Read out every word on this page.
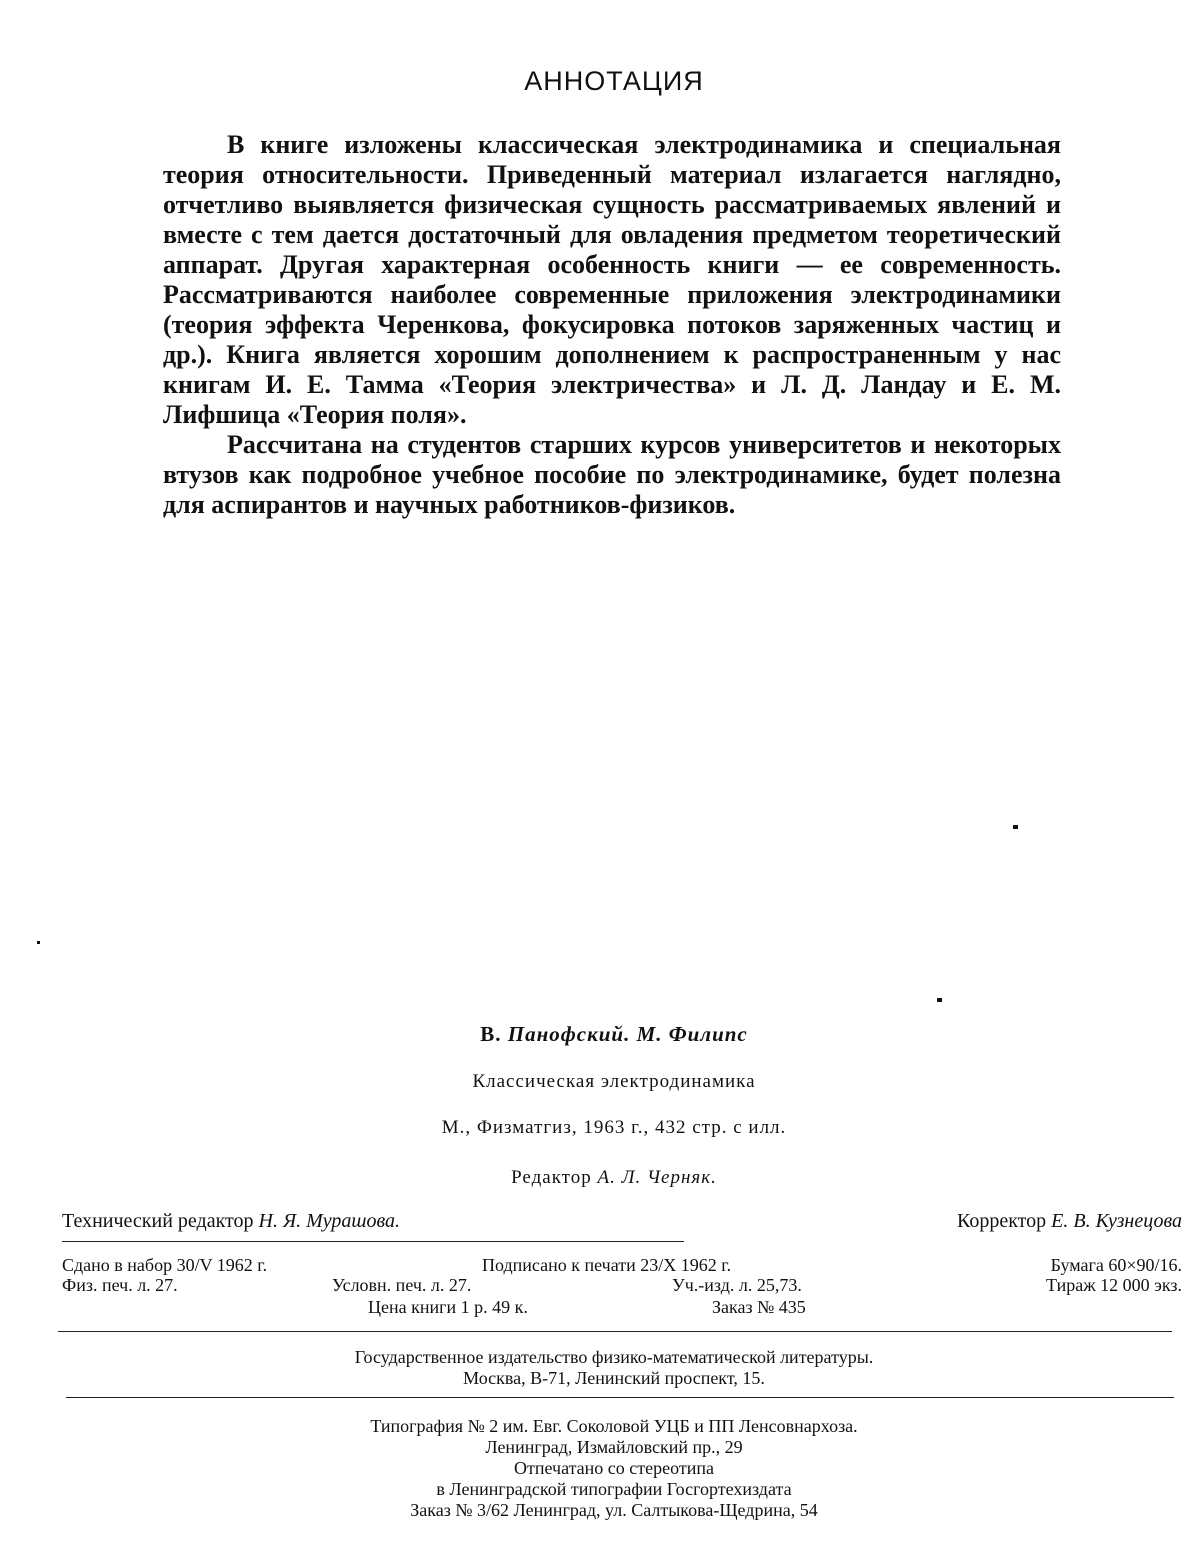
АННОТАЦИЯ

В книге изложены классическая электродинамика и специальная теория относительности. Приведенный материал излагается наглядно, отчетливо выявляется физическая сущность рассматриваемых явлений и вместе с тем дается достаточный для овладения предметом теоретический аппарат. Другая характерная особенность книги — ее современность. Рассматриваются наиболее современные приложения электродинамики (теория эффекта Черенкова, фокусировка потоков заряженных частиц и др.). Книга является хорошим дополнением к распространенным у нас книгам И. Е. Тамма «Теория электричества» и Л. Д. Ландау и Е. М. Лифшица «Теория поля».

Рассчитана на студентов старших курсов университетов и некоторых втузов как подробное учебное пособие по электродинамике, будет полезна для аспирантов и научных работников-физиков.

В. Панофский. М. Филипс
Классическая электродинамика
М., Физматгиз, 1963 г., 432 стр. с илл.
Редактор А. Л. Черняк.
Технический редактор Н. Я. Мурашова.	Корректор Е. В. Кузнецова
Сдано в набор 30/V 1962 г.	Подписано к печати 23/X 1962 г.	Бумага 60×90/16.
Физ. печ. л. 27.	Условн. печ. л. 27.	Уч.-изд. л. 25,73.	Тираж 12 000 экз.
Цена книги 1 р. 49 к.	Заказ № 435
Государственное издательство физико-математической литературы.
Москва, В-71, Ленинский проспект, 15.
Типография № 2 им. Евг. Соколовой УЦБ и ПП Ленсовнархоза.
Ленинград, Измайловский пр., 29
Отпечатано со стереотипа
в Ленинградской типографии Госгортехиздата
Заказ № 3/62 Ленинград, ул. Салтыкова-Щедрина, 54
